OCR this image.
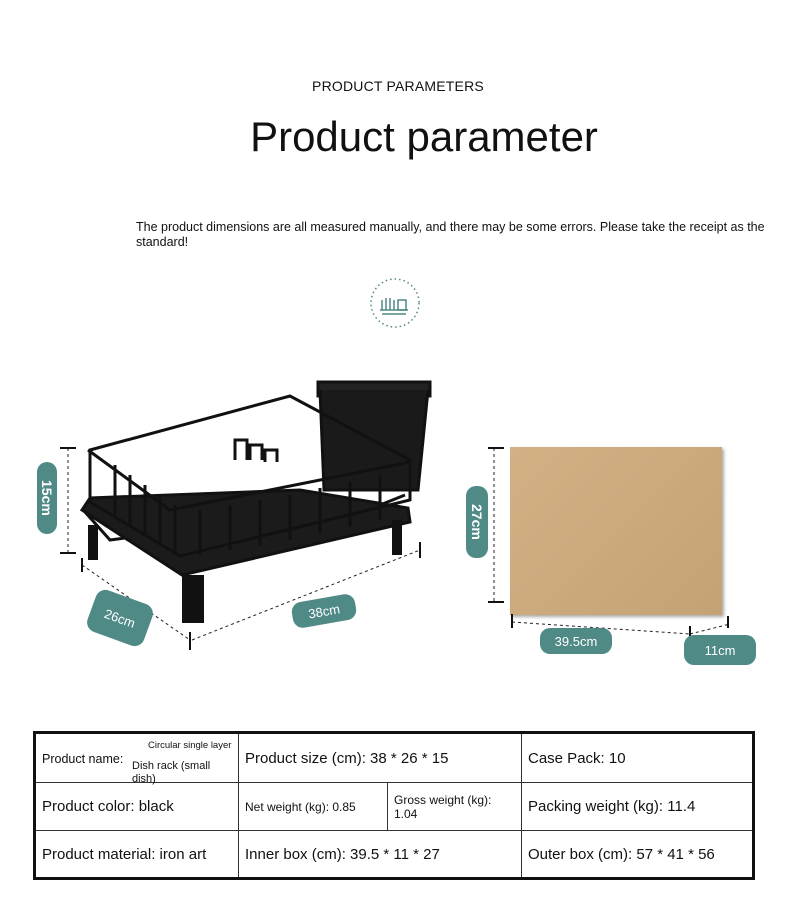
PRODUCT PARAMETERS
Product parameter
The product dimensions are all measured manually, and there may be some errors. Please take the receipt as the standard!
15cm
26cm	38cm
27cm
39.5cm
11cm
Product name:
Circular single layer
Dish rack (small dish)	Product size (cm): 38 * 26 * 15		Case Pack: 10
Product color: black	Net weight (kg): 0.85	Gross weight (kg): 1.04	Packing weight (kg): 11.4
Product material: iron art	Inner box (cm): 39.5 * 11 * 27		Outer box (cm): 57 * 41 * 56
